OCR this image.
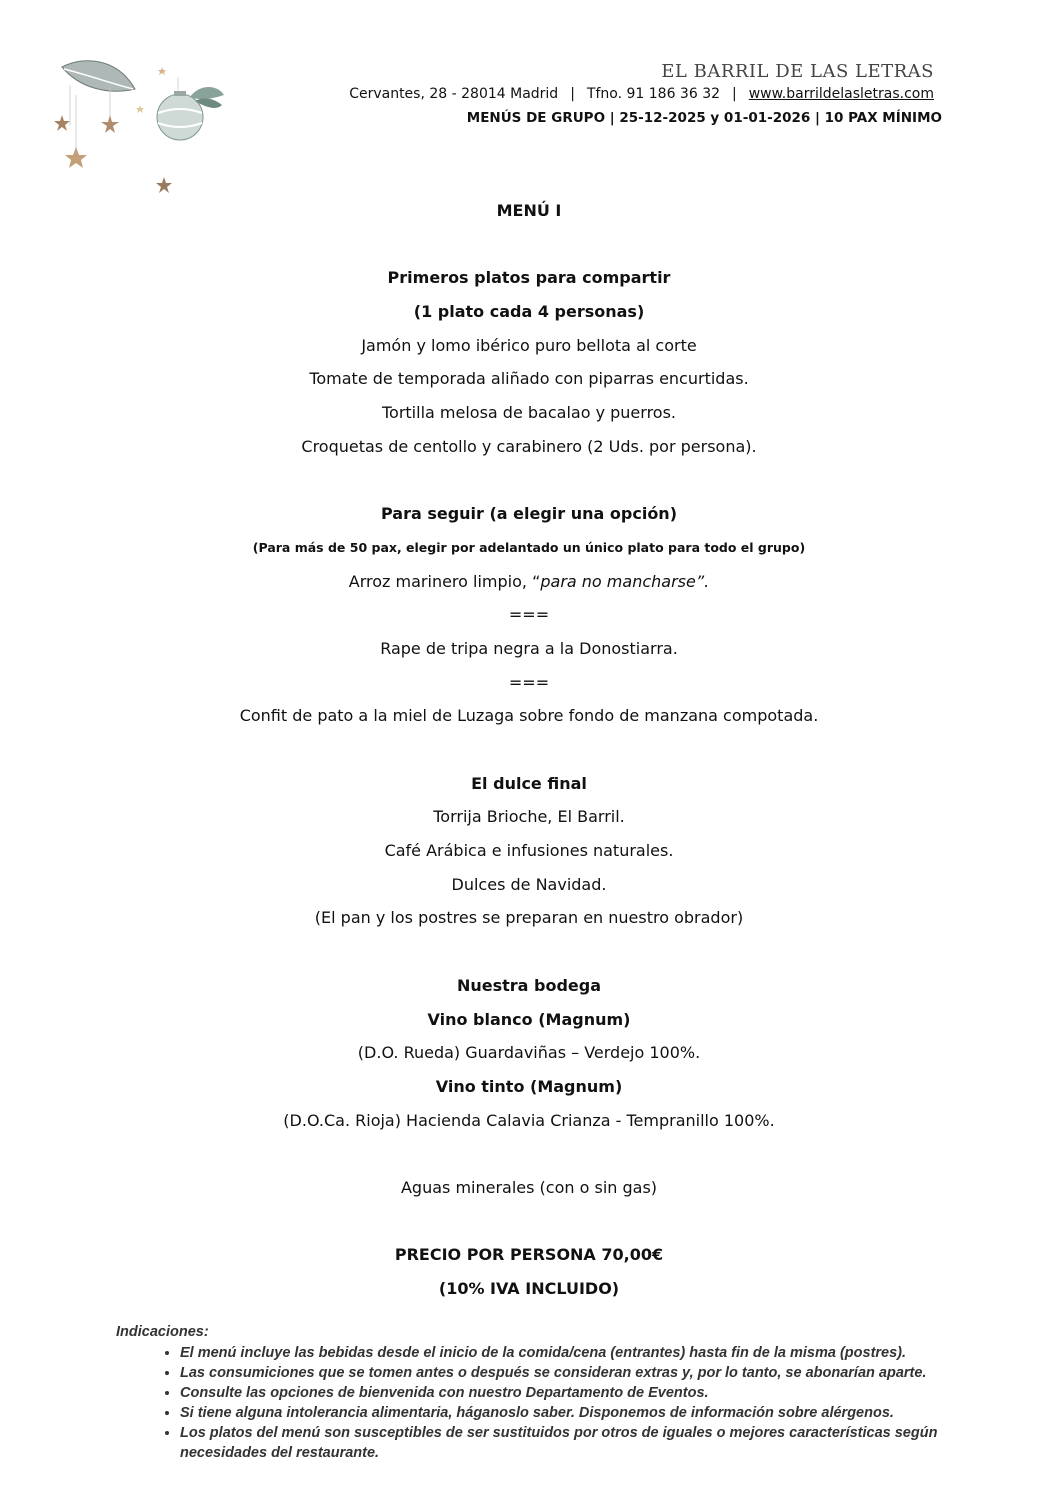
EL BARRIL DE LAS LETRAS
Cervantes, 28 - 28014 Madrid | Tfno. 91 186 36 32 | www.barrildelasletras.com
MENÚS DE GRUPO | 25-12-2025 y 01-01-2026 | 10 PAX MÍNIMO
MENÚ I
Primeros platos para compartir
(1 plato cada 4 personas)
Jamón y lomo ibérico puro bellota al corte
Tomate de temporada aliñado con piparras encurtidas.
Tortilla melosa de bacalao y puerros.
Croquetas de centollo y carabinero (2 Uds. por persona).
Para seguir (a elegir una opción)
(Para más de 50 pax, elegir por adelantado un único plato para todo el grupo)
Arroz marinero limpio, “para no mancharse”.
===
Rape de tripa negra a la Donostiarra.
===
Confit de pato a la miel de Luzaga sobre fondo de manzana compotada.
El dulce final
Torrija Brioche, El Barril.
Café Arábica e infusiones naturales.
Dulces de Navidad.
(El pan y los postres se preparan en nuestro obrador)
Nuestra bodega
Vino blanco (Magnum)
(D.O. Rueda) Guardaviñas – Verdejo 100%.
Vino tinto (Magnum)
(D.O.Ca. Rioja) Hacienda Calavia Crianza - Tempranillo 100%.
Aguas minerales (con o sin gas)
PRECIO POR PERSONA 70,00€
(10% IVA INCLUIDO)
Indicaciones:
• El menú incluye las bebidas desde el inicio de la comida/cena (entrantes) hasta fin de la misma (postres).
• Las consumiciones que se tomen antes o después se consideran extras y, por lo tanto, se abonarían aparte.
• Consulte las opciones de bienvenida con nuestro Departamento de Eventos.
• Si tiene alguna intolerancia alimentaria, háganoslo saber. Disponemos de información sobre alérgenos.
• Los platos del menú son susceptibles de ser sustituidos por otros de iguales o mejores características según necesidades del restaurante.
